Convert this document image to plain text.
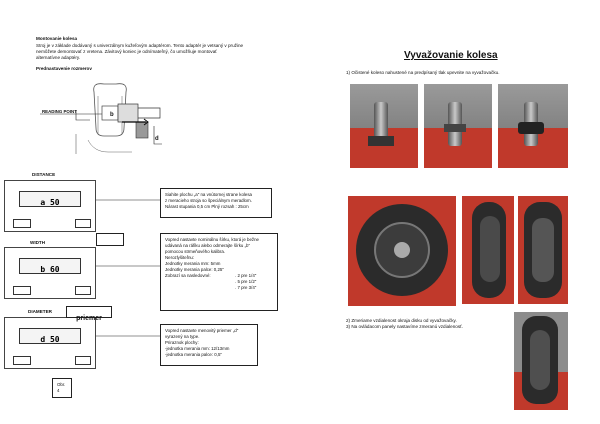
Montovanie kolesa
Stroj je v základe dodávaný s univerzálnym kužeľovým adaptérom. Tento adaptér je vetsaný v pružine
nemôžete demontovať z vretena. Závitový koniec je odnímateľný, čo umožňuje montovať
alternatívne adaptéry.
Prednastavenie rozmerov
READING POINT
b
d
DISTANCE
a 50
WIDTH
b 60
DIAMETER
d 50
priemer
Siahite plochu „a" na vnútornej strane kolesa
z meracieho stroja so špeciálnym meradlom.
Nárast stupania 0,5 cm Plný rozsah : 25cm
Vopred nastavte nominálnu šírku, ktorá je bežne
udávaná na ráfiku alebo odmerajte šírku „b"
pomocou strmeňového kalibra.
Nerozlyšiteľnu:
Jednotky merania mm: 5mm
Jednotky merania palce: 0,25"
Zobrazí sa nasledovné:	. 2 pre 1/4"
. 5 pre 1/2"
. 7 pre 3/4"
Vopred nastavte menovitý priemer „d"
vyrazený na type.
Priraznok plochy:
-jednotka merania mm: 12/13mm
-jednotka merania palce: 0,5"
Obr. 4
Vyvažovanie kolesa
1) Očistené koleso nahustené na predpísaný tlak upevnite na vyvažovačku.
2) Zmeriame vzdialenost okraja disku od vyvažovačky.
3) Na ovládacom panely nastavíme zmeranú vzdialenosť.
